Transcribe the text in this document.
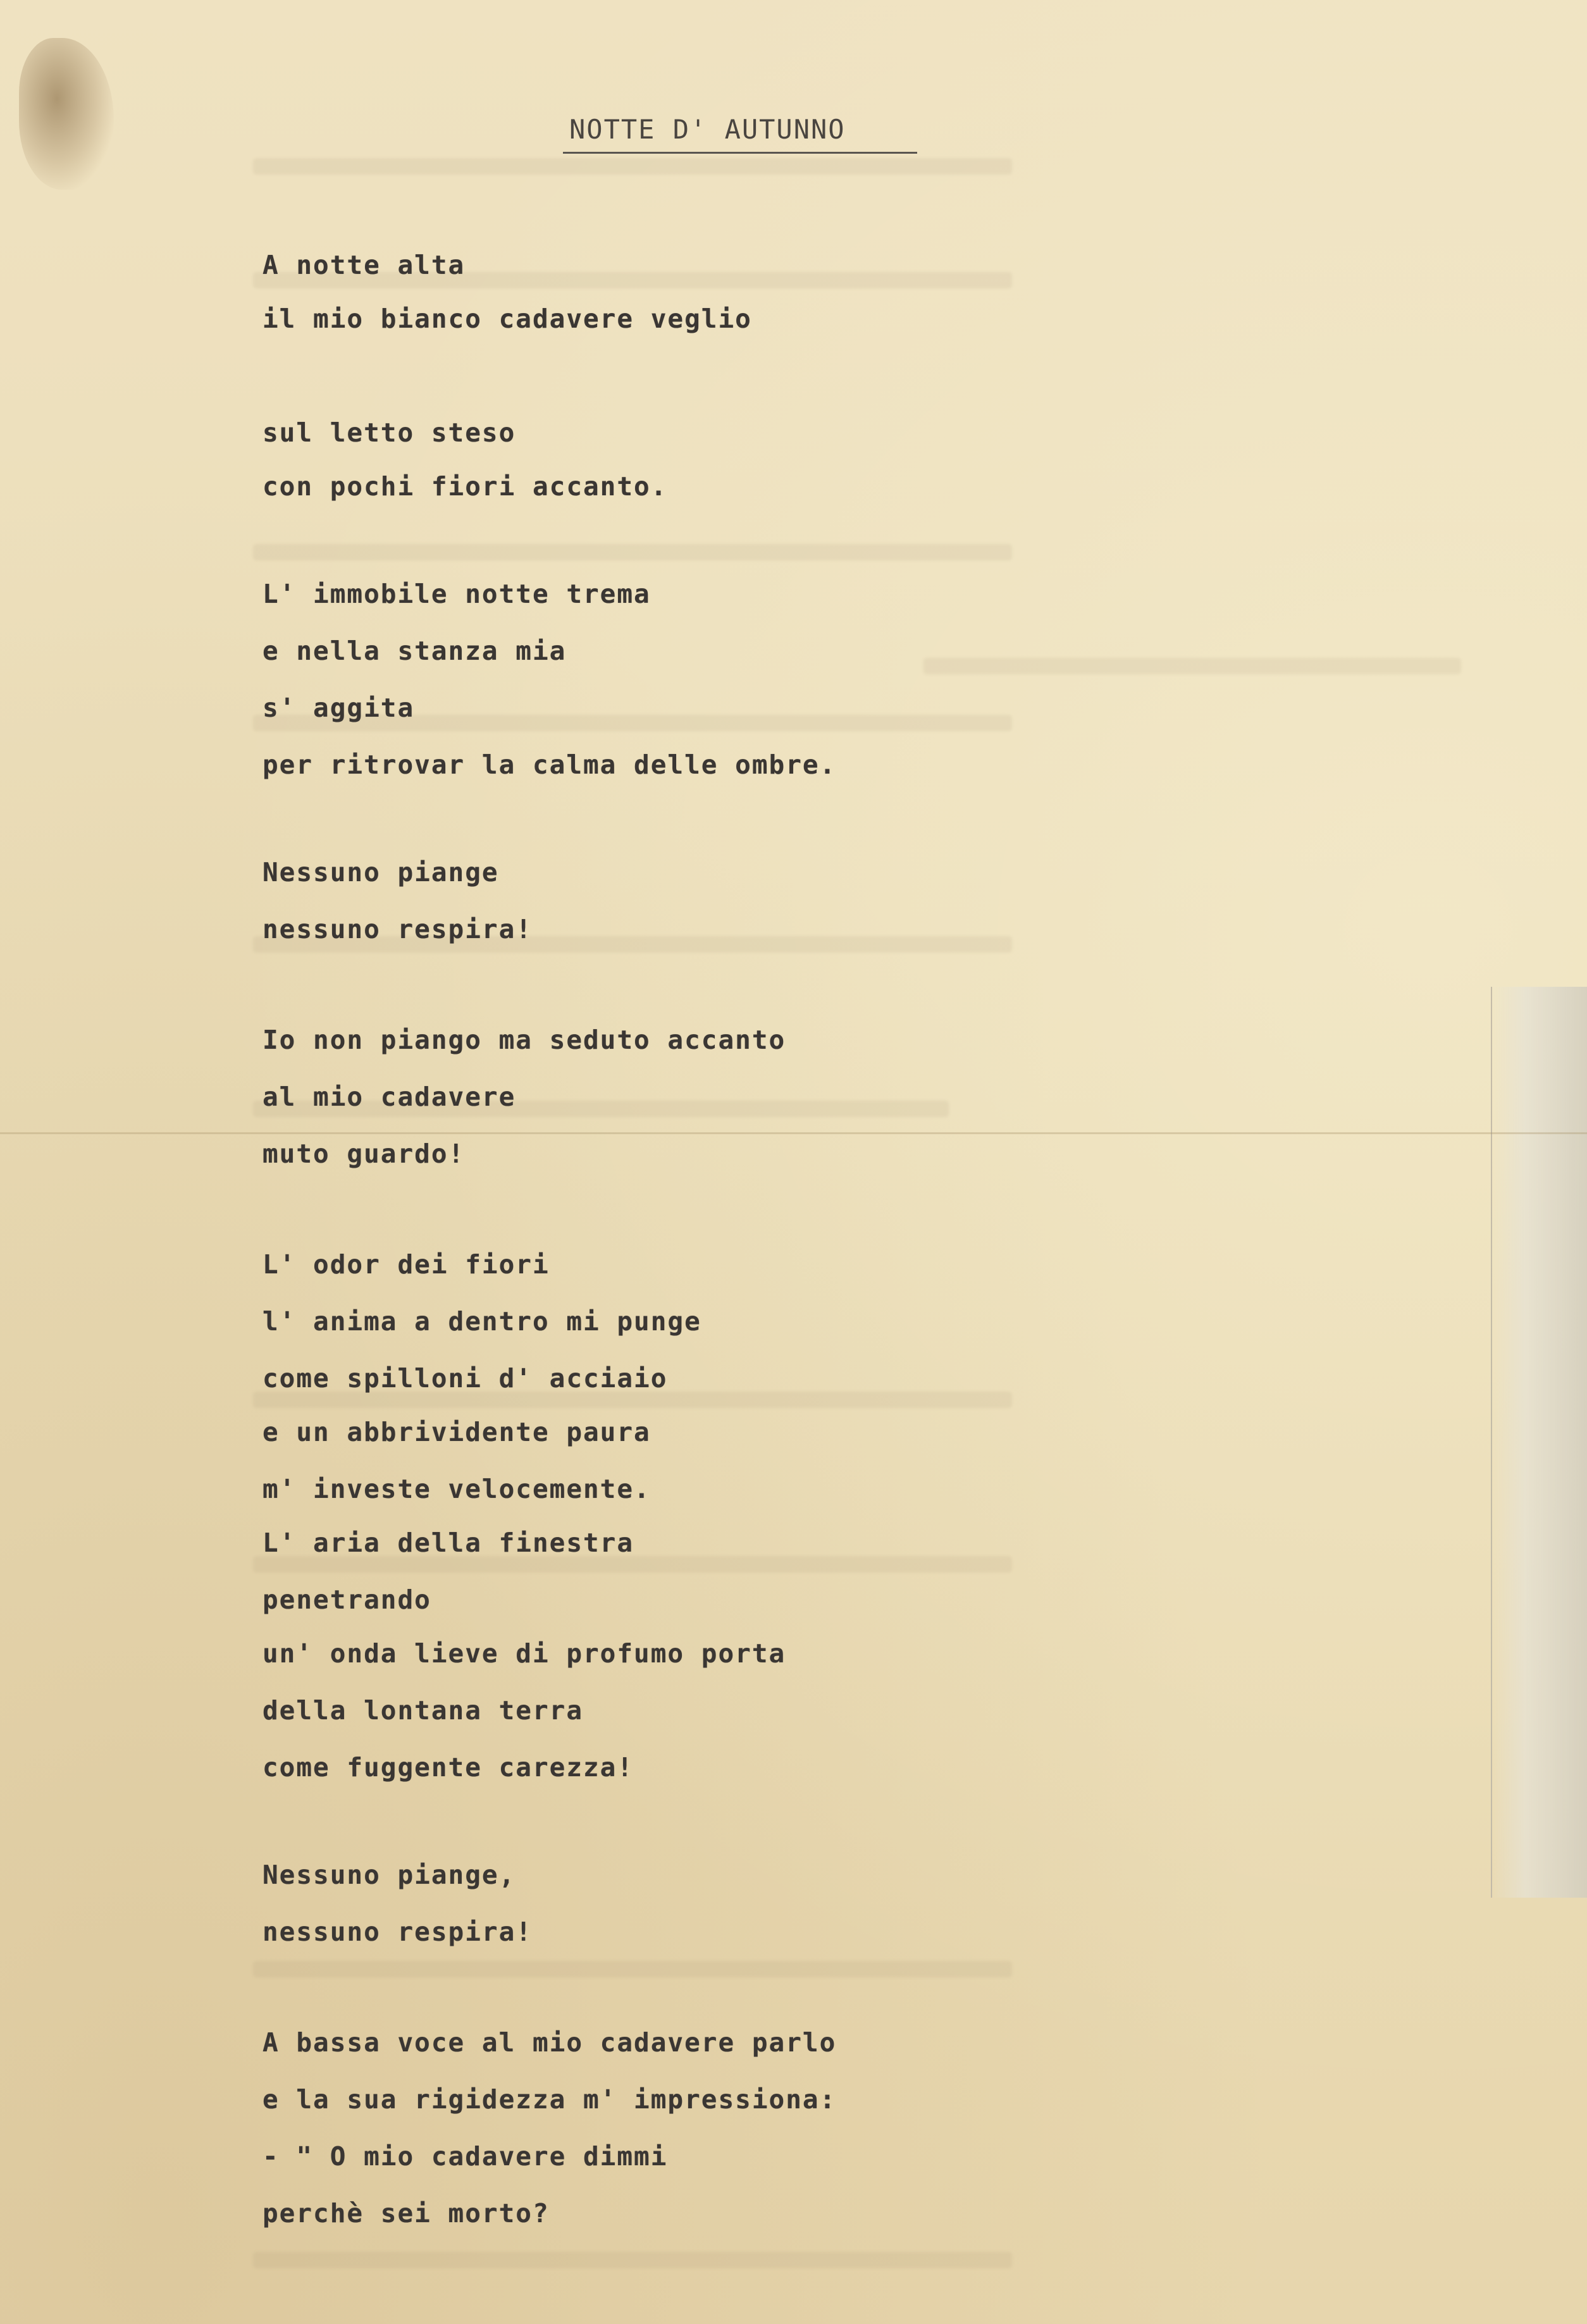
NOTTE D' AUTUNNO
A notte alta
il mio bianco cadavere veglio
sul letto steso
con pochi fiori accanto.
L' immobile notte trema
e nella stanza mia
s' aggita
per ritrovar la calma delle ombre.
Nessuno piange
nessuno respira!
Io non piango ma seduto accanto
al mio cadavere
muto guardo!
L' odor dei fiori
l' anima a dentro mi punge
come spilloni d' acciaio
e un abbrividente paura
m' investe velocemente.
L' aria della finestra
penetrando
un' onda lieve di profumo porta
della lontana terra
come fuggente carezza!
Nessuno piange,
nessuno respira!
A bassa voce al mio cadavere parlo
e la sua rigidezza m' impressiona:
- " O mio cadavere dimmi
perchè sei morto?
